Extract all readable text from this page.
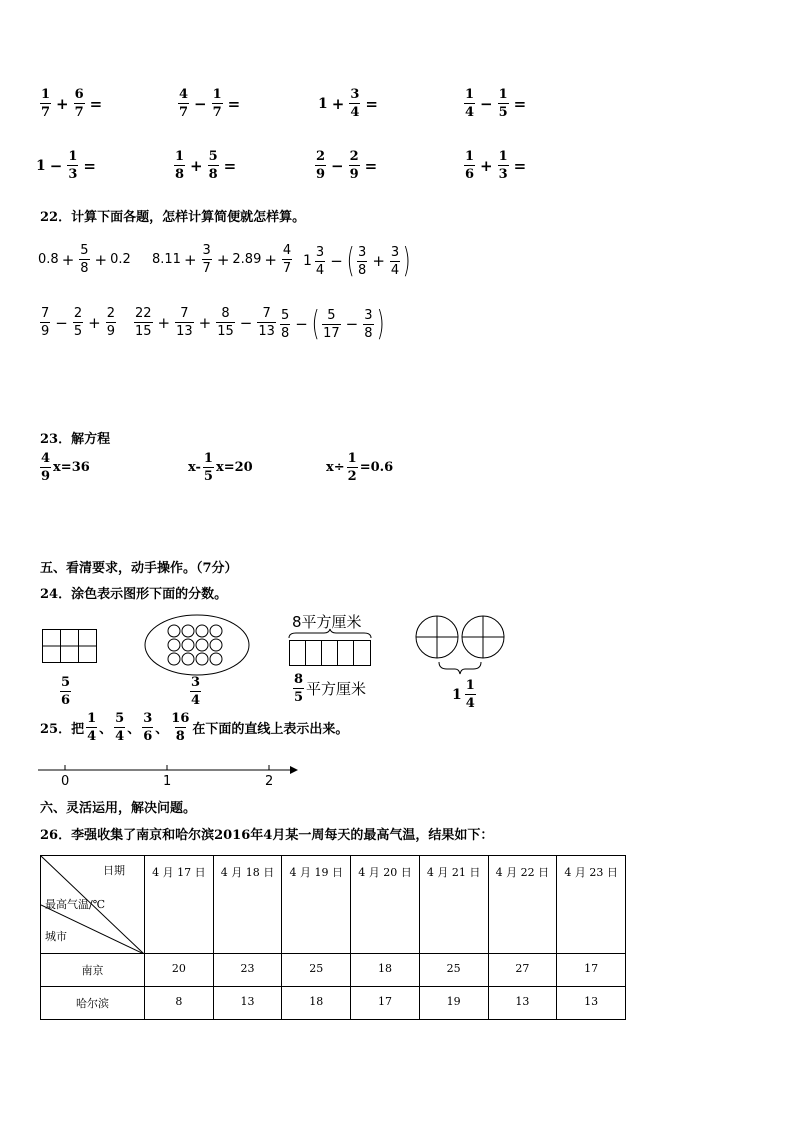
$\frac{1}{7} + \frac{6}{7}$ =	$\frac{4}{7} - \frac{1}{7}$ =	$1 + \frac{3}{4}$ =	$\frac{1}{4} - \frac{1}{5}$ =
$1 - \frac{1}{3}$ =	$\frac{1}{8} + \frac{5}{8}$ =	$\frac{2}{9} - \frac{2}{9}$ =	$\frac{1}{6} + \frac{1}{3}$ =
22．计算下面各题，怎样计算简便就怎样算。
$0.8 + \frac{5}{8} + 0.2$ $8.11 + \frac{3}{7} + 2.89 + \frac{4}{7} 1 \frac{3}{4}$ − ( $\frac{3}{8} + \frac{3}{4}$ )
$\frac{7}{9} - \frac{2}{5} + \frac{2}{9} \frac{22}{15} + \frac{7}{13} + \frac{8}{15} - \frac{7}{13} \frac{5}{8}$ − ( $\frac{5}{17} - \frac{3}{8}$ )
23．解方程
$\frac{4}{9} x=36$	$x- \frac{1}{5} x=20$	$x\div \frac{1}{2} =0.6$
五、看清要求，动手操作。（7分）
24．涂色表示图形下面的分数。
$\frac{5}{6}$	$\frac{3}{4}$
8平方厘米
$\frac{8}{5}$ 平方厘米	$1 \frac{1}{4}$
25．把 $\frac{1}{4}$ 、 $\frac{5}{4}$ 、 $\frac{3}{6}$ 、 $\frac{16}{8}$ 在下面的直线上表示出来。
0	1	2
六、灵活运用，解决问题。
26．李强收集了南京和哈尔滨2016年4月某一周每天的最高气温，结果如下：
日期
最高气温/℃
城市	4 月 17 日	4 月 18 日	4 月 19 日	4 月 20 日	4 月 21 日	4 月 22 日	4 月 23 日
南京	20	23	25	18	25	27	17
哈尔滨	8	13	18	17	19	13	13
